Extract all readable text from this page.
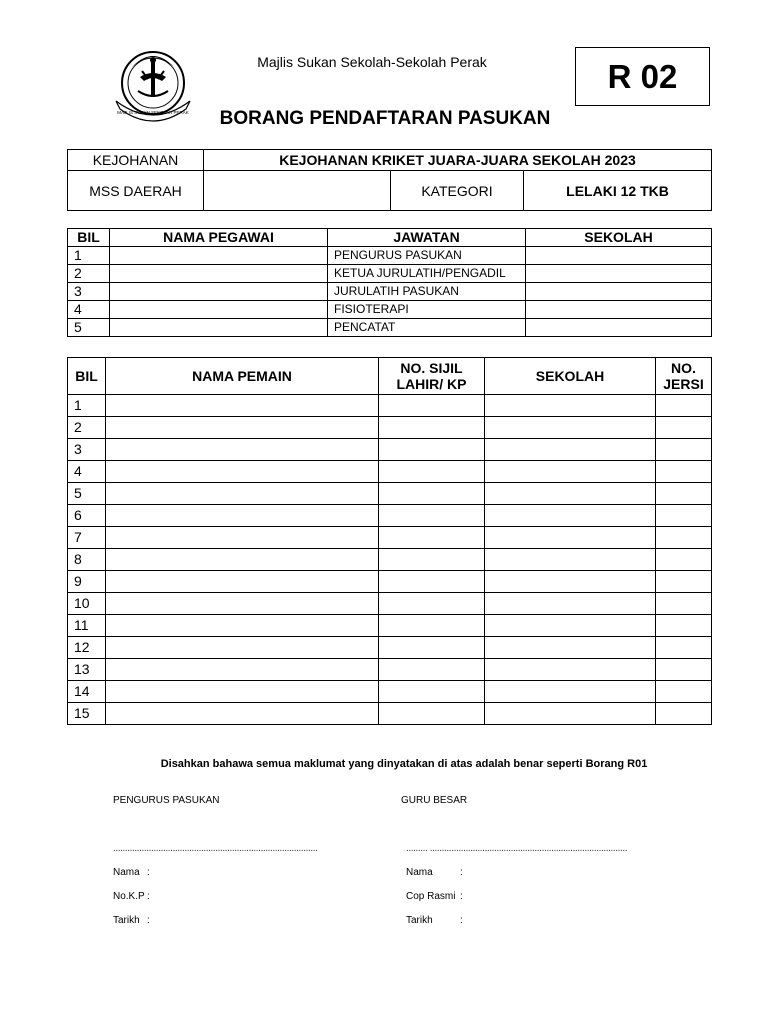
MAJLIS SUKAN SEKOLAH PERAK
Majlis Sukan Sekolah-Sekolah Perak
BORANG PENDAFTARAN PASUKAN
R 02
KEJOHANAN	KEJOHANAN KRIKET JUARA-JUARA SEKOLAH 2023		
MSS DAERAH		KATEGORI	LELAKI 12 TKB
BIL	NAMA PEGAWAI	JAWATAN	SEKOLAH
1		PENGURUS PASUKAN	
2		KETUA JURULATIH/PENGADIL	
3		JURULATIH PASUKAN	
4		FISIOTERAPI	
5		PENCATAT	
BIL	NAMA PEMAIN	NO. SIJIL LAHIR/ KP	SEKOLAH	NO. JERSI
1				
2				
3				
4				
5				
6				
7				
8				
9				
10				
11				
12				
13				
14				
15				
Disahkan bahawa semua maklumat yang dinyatakan di atas adalah benar seperti Borang R01
PENGURUS PASUKAN
......................................................................................
Nama :
No.K.P :
Tarikh :
GURU BESAR
......... ...................................................................................
Nama	:
Cop Rasmi :
Tarikh	:
